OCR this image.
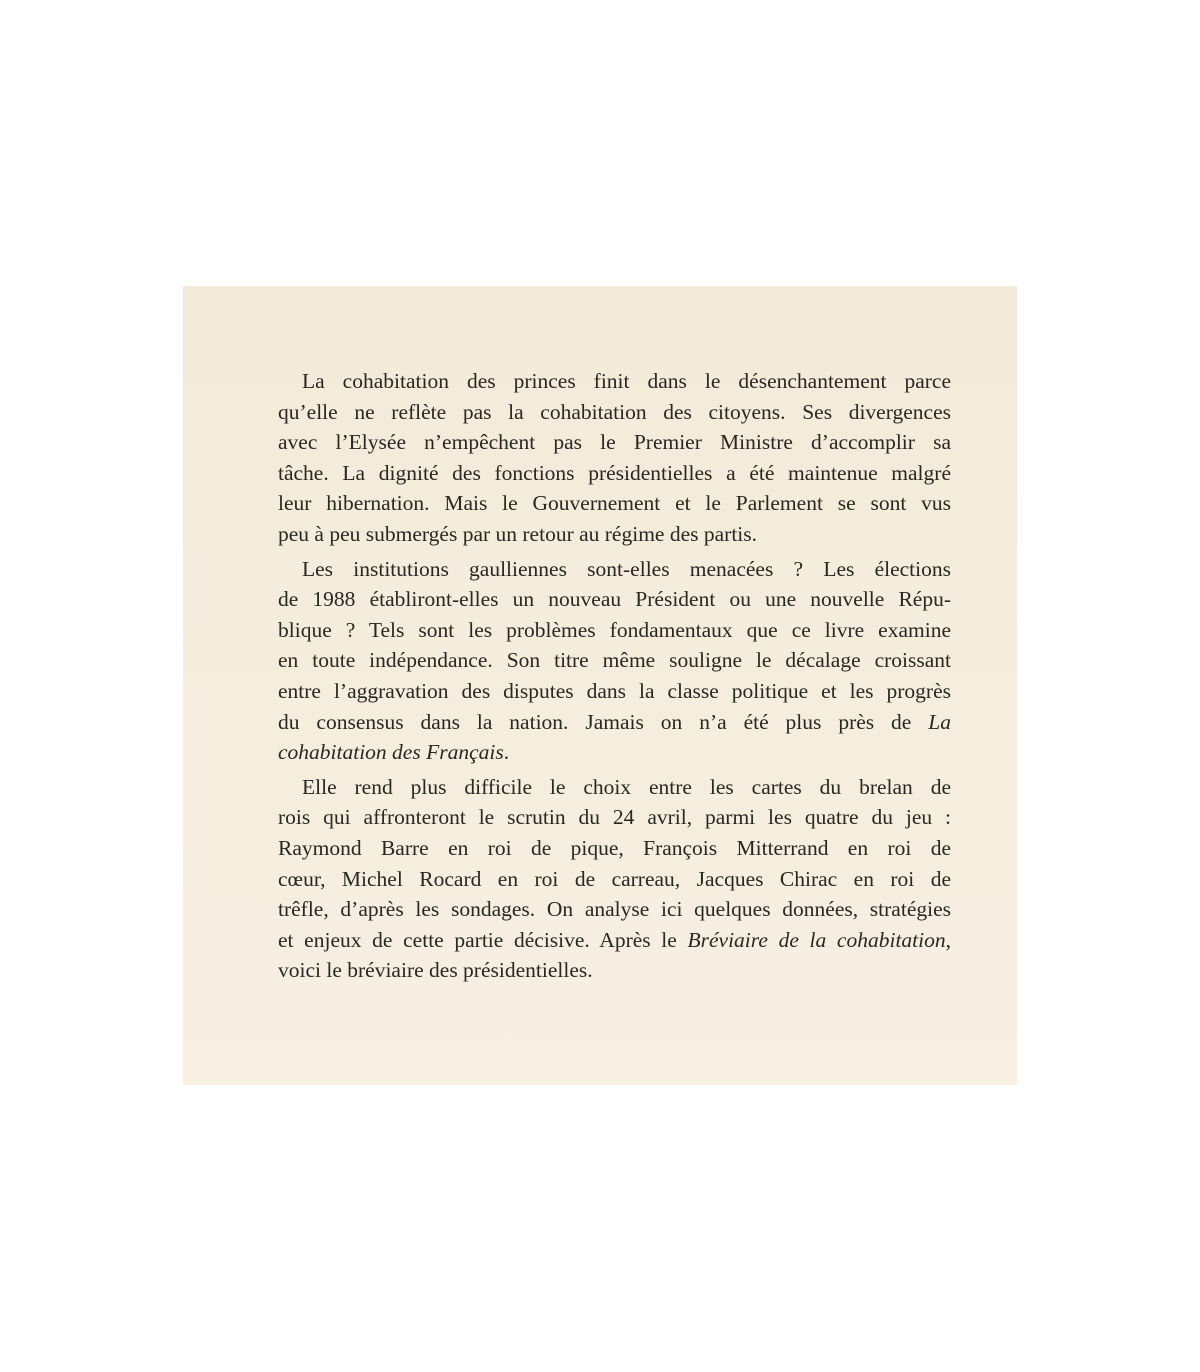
La cohabitation des princes finit dans le désenchantement parce
qu’elle ne reflète pas la cohabitation des citoyens. Ses divergences
avec l’Elysée n’empêchent pas le Premier Ministre d’accomplir sa
tâche. La dignité des fonctions présidentielles a été maintenue malgré
leur hibernation. Mais le Gouvernement et le Parlement se sont vus
peu à peu submergés par un retour au régime des partis.
Les institutions gaulliennes sont-elles menacées ? Les élections
de 1988 établiront-elles un nouveau Président ou une nouvelle Répu-
blique ? Tels sont les problèmes fondamentaux que ce livre examine
en toute indépendance. Son titre même souligne le décalage croissant
entre l’aggravation des disputes dans la classe politique et les progrès
du consensus dans la nation. Jamais on n’a été plus près de La
cohabitation des Français.
Elle rend plus difficile le choix entre les cartes du brelan de
rois qui affronteront le scrutin du 24 avril, parmi les quatre du jeu :
Raymond Barre en roi de pique, François Mitterrand en roi de
cœur, Michel Rocard en roi de carreau, Jacques Chirac en roi de
trêfle, d’après les sondages. On analyse ici quelques données, stratégies
et enjeux de cette partie décisive. Après le Bréviaire de la cohabitation,
voici le bréviaire des présidentielles.
